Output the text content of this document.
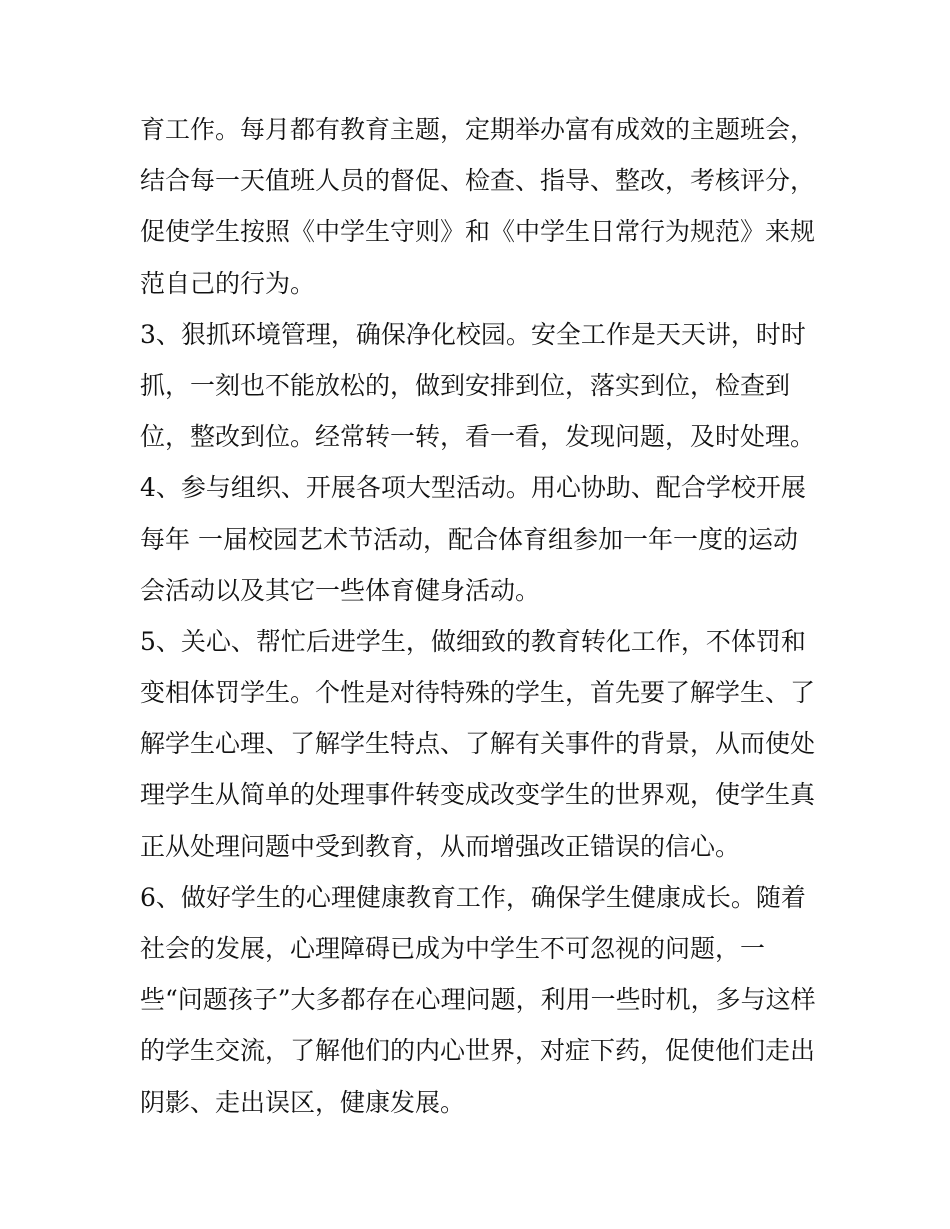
育工作。每月都有教育主题，定期举办富有成效的主题班会，
结合每一天值班人员的督促、检查、指导、整改，考核评分，
促使学生按照《中学生守则》和《中学生日常行为规范》来规
范自己的行为。
3、狠抓环境管理，确保净化校园。安全工作是天天讲，时时
抓，一刻也不能放松的，做到安排到位，落实到位，检查到
位，整改到位。经常转一转，看一看，发现问题，及时处理。
4、参与组织、开展各项大型活动。用心协助、配合学校开展
每年 一届校园艺术节活动，配合体育组参加一年一度的运动
会活动以及其它一些体育健身活动。
5、关心、帮忙后进学生，做细致的教育转化工作，不体罚和
变相体罚学生。个性是对待特殊的学生，首先要了解学生、了
解学生心理、了解学生特点、了解有关事件的背景，从而使处
理学生从简单的处理事件转变成改变学生的世界观，使学生真
正从处理问题中受到教育，从而增强改正错误的信心。
6、做好学生的心理健康教育工作，确保学生健康成长。随着
社会的发展，心理障碍已成为中学生不可忽视的问题，一
些“问题孩子”大多都存在心理问题，利用一些时机，多与这样
的学生交流，了解他们的内心世界，对症下药，促使他们走出
阴影、走出误区，健康发展。
